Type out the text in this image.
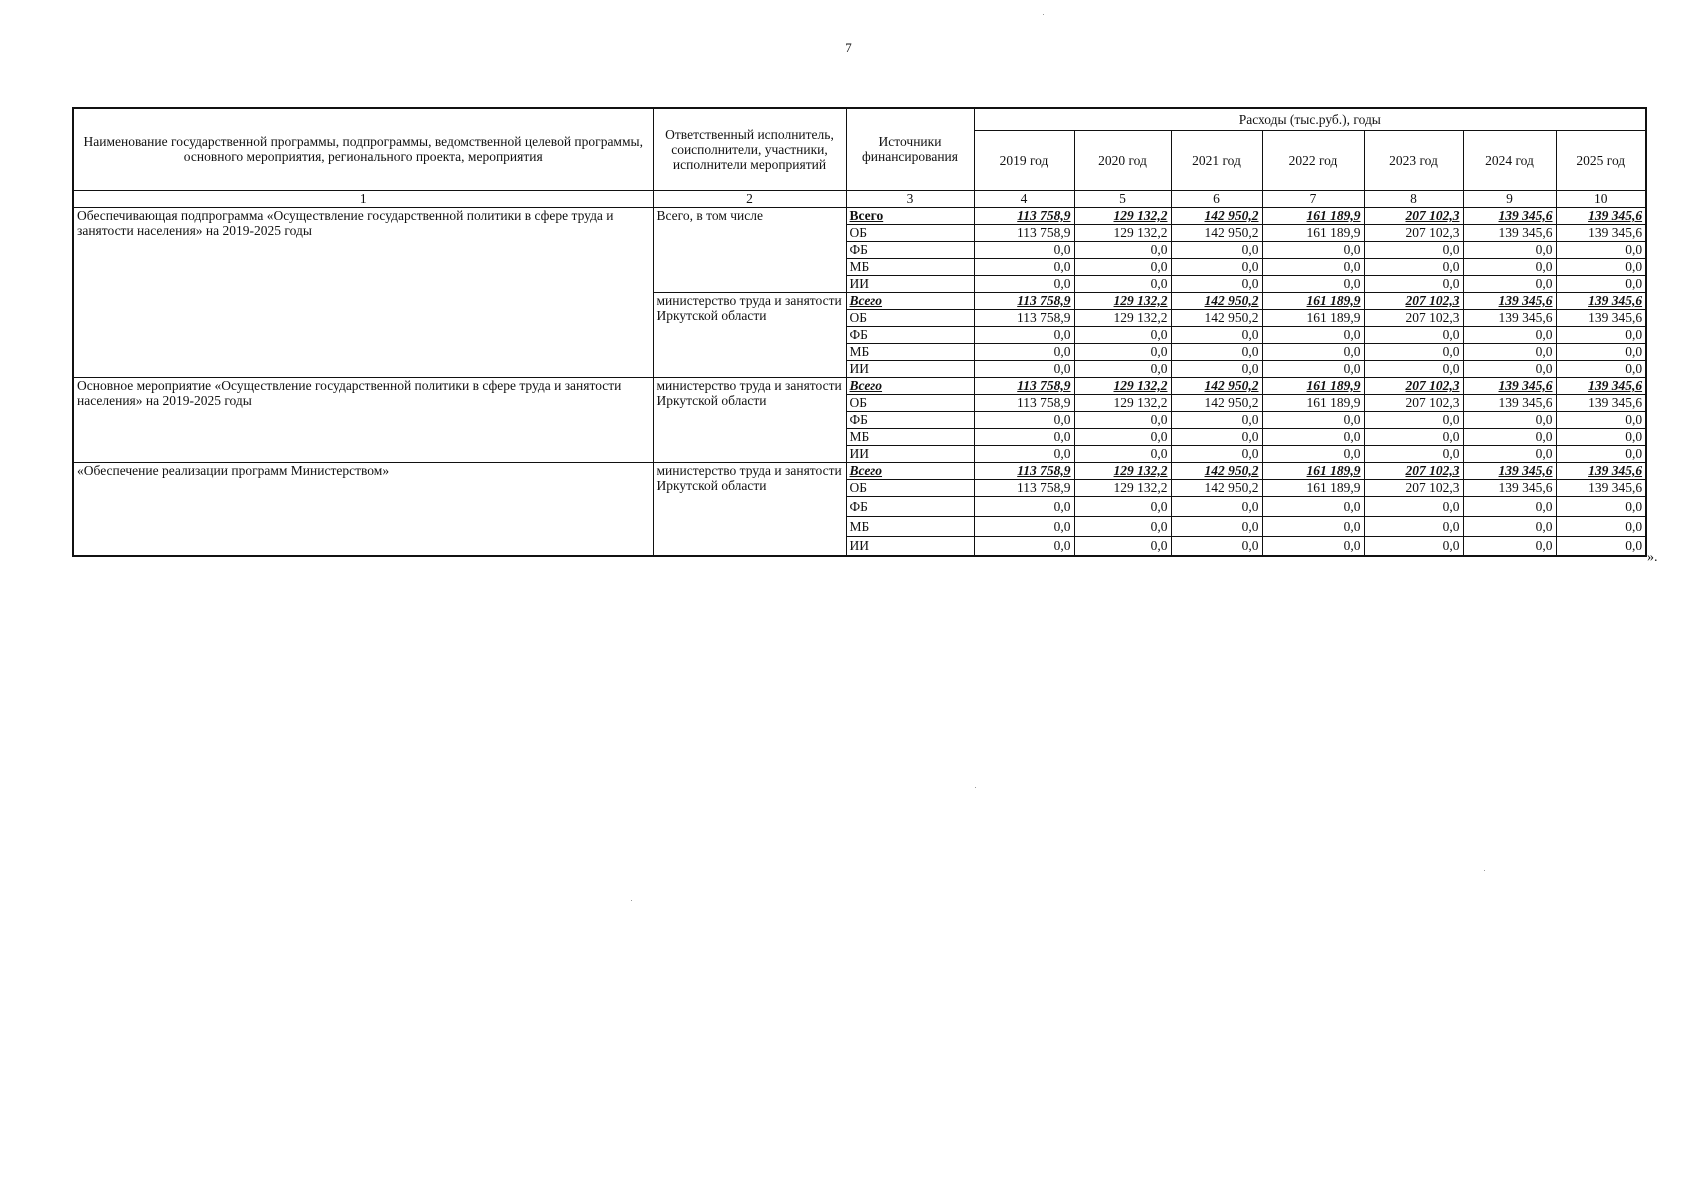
7
Наименование государственной программы, подпрограммы, ведомственной целевой программы, основного мероприятия, регионального проекта, мероприятия	Ответственный исполнитель, соисполнители, участники, исполнители мероприятий	Источники финансирования	Расходы (тыс.руб.), годы						
			2019 год	2020 год	2021 год	2022 год	2023 год	2024 год	2025 год
1	2	3	4	5	6	7	8	9	10
Обеспечивающая подпрограмма «Осуществление государственной политики в сфере труда и занятости населения» на 2019-2025 годы	Всего, в том числе	Всего	113 758,9	129 132,2	142 950,2	161 189,9	207 102,3	139 345,6	139 345,6
		ОБ	113 758,9	129 132,2	142 950,2	161 189,9	207 102,3	139 345,6	139 345,6
		ФБ	0,0	0,0	0,0	0,0	0,0	0,0	0,0
		МБ	0,0	0,0	0,0	0,0	0,0	0,0	0,0
		ИИ	0,0	0,0	0,0	0,0	0,0	0,0	0,0
	министерство труда и занятости Иркутской области	Всего	113 758,9	129 132,2	142 950,2	161 189,9	207 102,3	139 345,6	139 345,6
		ОБ	113 758,9	129 132,2	142 950,2	161 189,9	207 102,3	139 345,6	139 345,6
		ФБ	0,0	0,0	0,0	0,0	0,0	0,0	0,0
		МБ	0,0	0,0	0,0	0,0	0,0	0,0	0,0
		ИИ	0,0	0,0	0,0	0,0	0,0	0,0	0,0
Основное мероприятие «Осуществление государственной политики в сфере труда и занятости населения» на 2019-2025 годы	министерство труда и занятости Иркутской области	Всего	113 758,9	129 132,2	142 950,2	161 189,9	207 102,3	139 345,6	139 345,6
		ОБ	113 758,9	129 132,2	142 950,2	161 189,9	207 102,3	139 345,6	139 345,6
		ФБ	0,0	0,0	0,0	0,0	0,0	0,0	0,0
		МБ	0,0	0,0	0,0	0,0	0,0	0,0	0,0
		ИИ	0,0	0,0	0,0	0,0	0,0	0,0	0,0
«Обеспечение реализации программ Министерством»	министерство труда и занятости Иркутской области	Всего	113 758,9	129 132,2	142 950,2	161 189,9	207 102,3	139 345,6	139 345,6
		ОБ	113 758,9	129 132,2	142 950,2	161 189,9	207 102,3	139 345,6	139 345,6
		ФБ	0,0	0,0	0,0	0,0	0,0	0,0	0,0
		МБ	0,0	0,0	0,0	0,0	0,0	0,0	0,0
		ИИ	0,0	0,0	0,0	0,0	0,0	0,0	0,0
».
